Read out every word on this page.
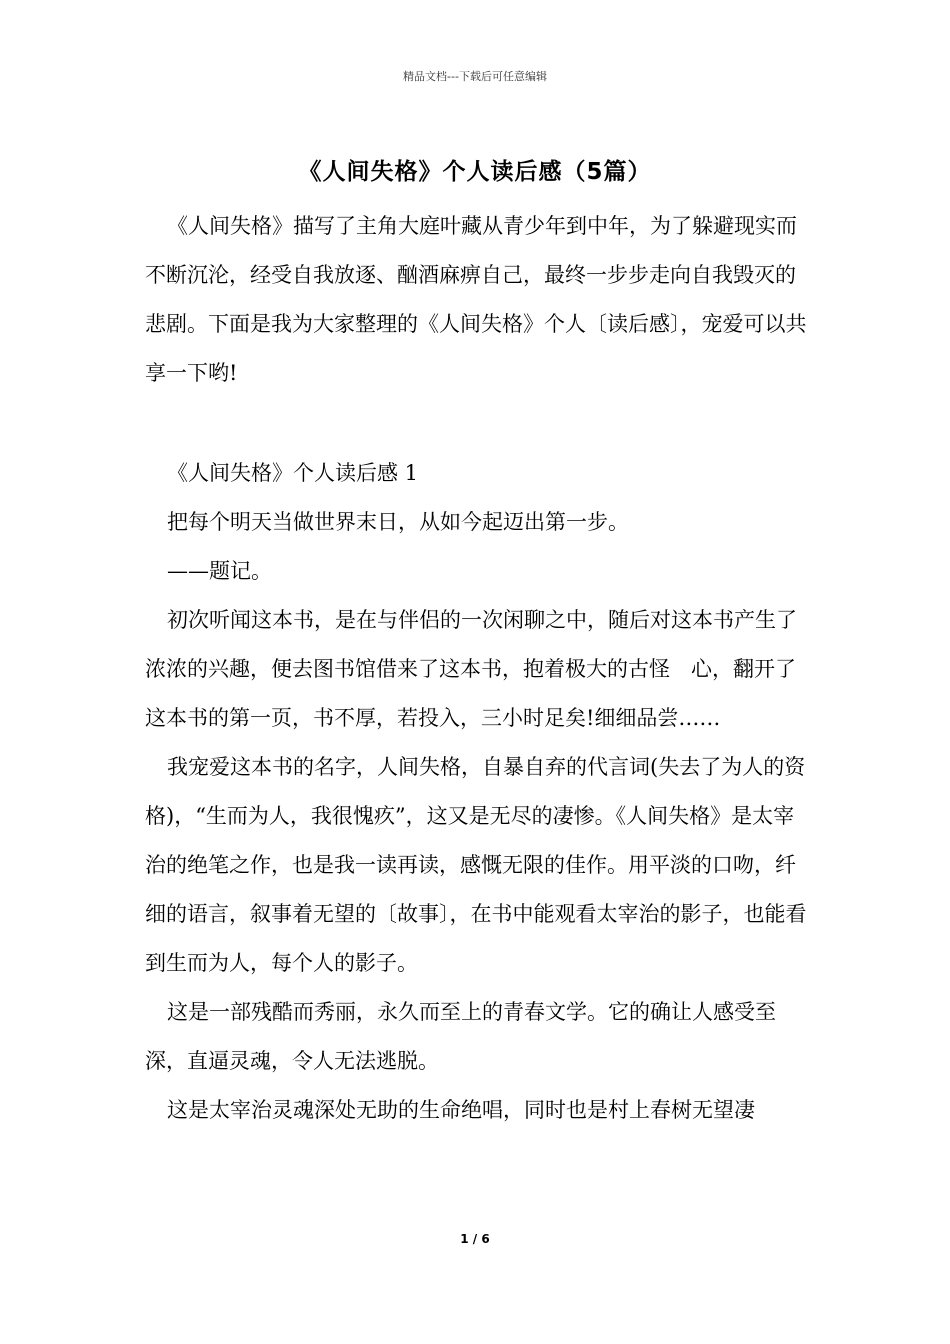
精品文档---下载后可任意编辑
《人间失格》个人读后感（5篇）

《人间失格》描写了主角大庭叶藏从青少年到中年，为了躲避现实而不断沉沦，经受自我放逐、酗酒麻痹自己，最终一步步走向自我毁灭的悲剧。下面是我为大家整理的《人间失格》个人〔读后感〕，宠爱可以共享一下哟!

《人间失格》个人读后感 1

把每个明天当做世界末日，从如今起迈出第一步。

——题记。

初次听闻这本书，是在与伴侣的一次闲聊之中，随后对这本书产生了浓浓的兴趣，便去图书馆借来了这本书，抱着极大的古怪　心，翻开了这本书的第一页，书不厚，若投入，三小时足矣!细细品尝……

我宠爱这本书的名字，人间失格，自暴自弃的代言词(失去了为人的资格)，“生而为人，我很愧疚”，这又是无尽的凄惨。《人间失格》是太宰治的绝笔之作，也是我一读再读，感慨无限的佳作。用平淡的口吻，纤细的语言，叙事着无望的〔故事〕，在书中能观看太宰治的影子，也能看到生而为人，每个人的影子。

这是一部残酷而秀丽，永久而至上的青春文学。它的确让人感受至深，直逼灵魂，令人无法逃脱。

这是太宰治灵魂深处无助的生命绝唱，同时也是村上春树无望凄

1 / 6
